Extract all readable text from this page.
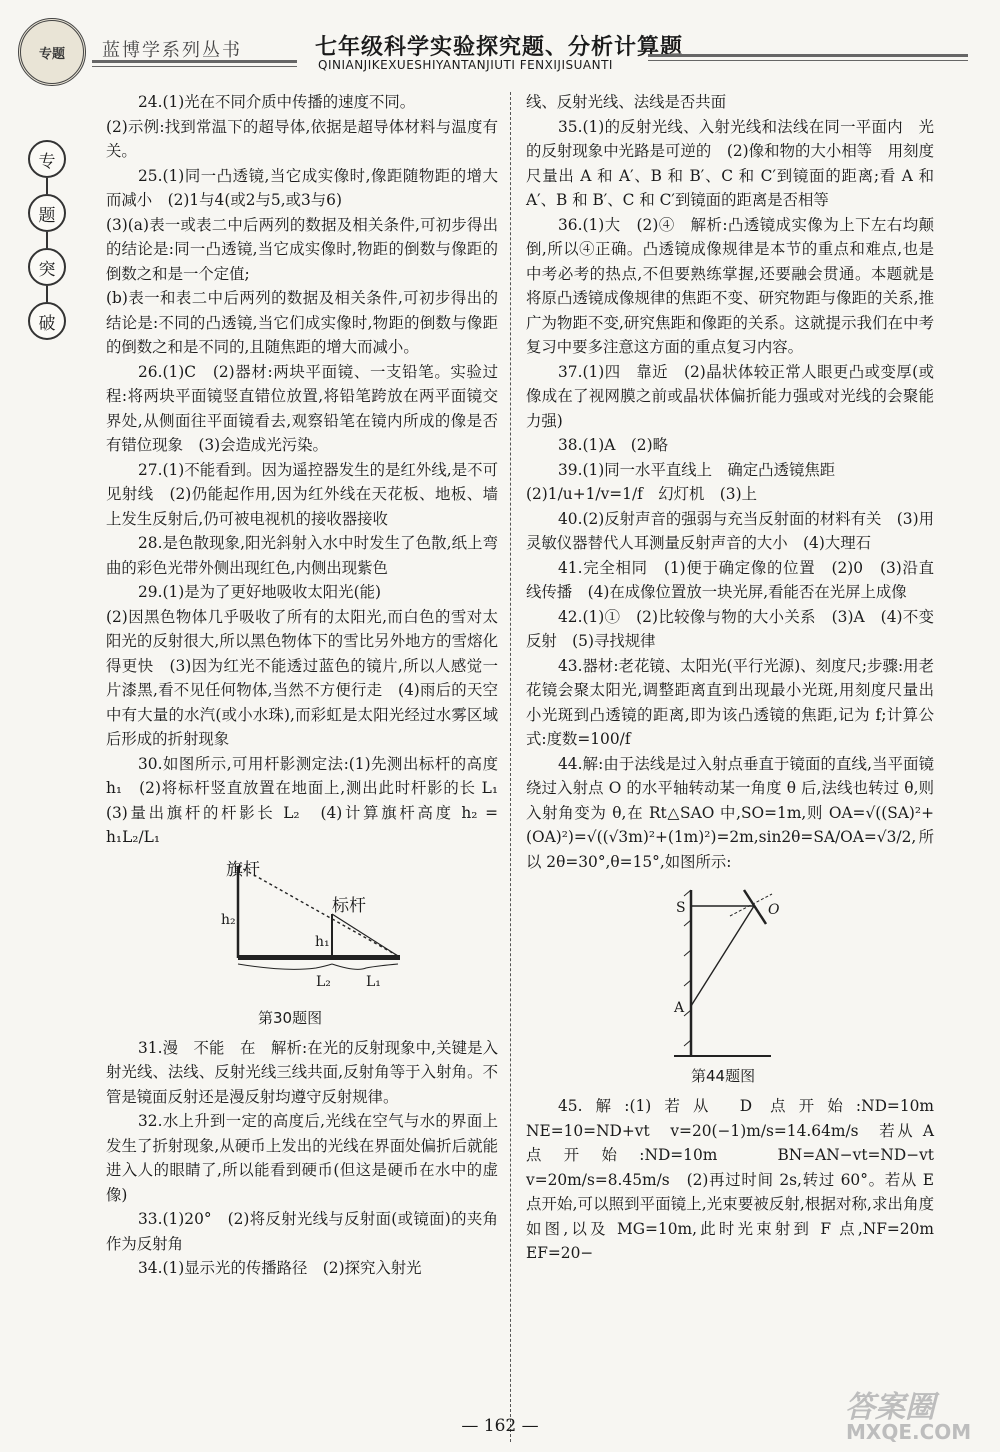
专题 蓝博学系列丛书	七年级科学实验探究题、分析计算题
QINIANJIKEXUESHIYANTANJIUTI FENXIJISUANTI
专
题
突
破

24.(1)光在不同介质中传播的速度不同。

(2)示例:找到常温下的超导体,依据是超导体材料与温度有关。

25.(1)同一凸透镜,当它成实像时,像距随物距的增大而减小　(2)1与4(或2与5,或3与6)

(3)(a)表一或表二中后两列的数据及相关条件,可初步得出的结论是:同一凸透镜,当它成实像时,物距的倒数与像距的倒数之和是一个定值;

(b)表一和表二中后两列的数据及相关条件,可初步得出的结论是:不同的凸透镜,当它们成实像时,物距的倒数与像距的倒数之和是不同的,且随焦距的增大而减小。

26.(1)C　(2)器材:两块平面镜、一支铅笔。实验过程:将两块平面镜竖直错位放置,将铅笔跨放在两平面镜交界处,从侧面往平面镜看去,观察铅笔在镜内所成的像是否有错位现象　(3)会造成光污染。

27.(1)不能看到。因为遥控器发生的是红外线,是不可见射线　(2)仍能起作用,因为红外线在天花板、地板、墙上发生反射后,仍可被电视机的接收器接收

28.是色散现象,阳光斜射入水中时发生了色散,纸上弯曲的彩色光带外侧出现红色,内侧出现紫色

29.(1)是为了更好地吸收太阳光(能)

(2)因黑色物体几乎吸收了所有的太阳光,而白色的雪对太阳光的反射很大,所以黑色物体下的雪比另外地方的雪熔化得更快　(3)因为红光不能透过蓝色的镜片,所以人感觉一片漆黑,看不见任何物体,当然不方便行走　(4)雨后的天空中有大量的水汽(或小水珠),而彩虹是太阳光经过水雾区域后形成的折射现象

30.如图所示,可用杆影测定法:(1)先测出标杆的高度 h₁　(2)将标杆竖直放置在地面上,测出此时杆影的长 L₁　(3)量出旗杆的杆影长 L₂　(4)计算旗杆高度 h₂ = h₁L₂/L₁

旗杆
标杆
h₂
h₁
L₂	L₁
第30题图

31.漫　不能　在　解析:在光的反射现象中,关键是入射光线、法线、反射光线三线共面,反射角等于入射角。不管是镜面反射还是漫反射均遵守反射规律。

32.水上升到一定的高度后,光线在空气与水的界面上发生了折射现象,从硬币上发出的光线在界面处偏折后就能进入人的眼睛了,所以能看到硬币(但这是硬币在水中的虚像)

33.(1)20°　(2)将反射光线与反射面(或镜面)的夹角作为反射角

34.(1)显示光的传播路径　(2)探究入射光

线、反射光线、法线是否共面

35.(1)的反射光线、入射光线和法线在同一平面内　光的反射现象中光路是可逆的　(2)像和物的大小相等　用刻度尺量出 A 和 A′、B 和 B′、C 和 C′到镜面的距离;看 A 和 A′、B 和 B′、C 和 C′到镜面的距离是否相等

36.(1)大　(2)④　解析:凸透镜成实像为上下左右均颠倒,所以④正确。凸透镜成像规律是本节的重点和难点,也是中考必考的热点,不但要熟练掌握,还要融会贯通。本题就是将原凸透镜成像规律的焦距不变、研究物距与像距的关系,推广为物距不变,研究焦距和像距的关系。这就提示我们在中考复习中要多注意这方面的重点复习内容。

37.(1)四　靠近　(2)晶状体较正常人眼更凸或变厚(或像成在了视网膜之前或晶状体偏折能力强或对光线的会聚能力强)

38.(1)A　(2)略

39.(1)同一水平直线上　确定凸透镜焦距

(2)1/u+1/v=1/f　幻灯机　(3)上

40.(2)反射声音的强弱与充当反射面的材料有关　(3)用灵敏仪器替代人耳测量反射声音的大小　(4)大理石

41.完全相同　(1)便于确定像的位置　(2)0　(3)沿直线传播　(4)在成像位置放一块光屏,看能否在光屏上成像

42.(1)①　(2)比较像与物的大小关系　(3)A　(4)不变　反射　(5)寻找规律

43.器材:老花镜、太阳光(平行光源)、刻度尺;步骤:用老花镜会聚太阳光,调整距离直到出现最小光斑,用刻度尺量出小光斑到凸透镜的距离,即为该凸透镜的焦距,记为 f;计算公式:度数=100/f

44.解:由于法线是过入射点垂直于镜面的直线,当平面镜绕过入射点 O 的水平轴转动某一角度 θ 后,法线也转过 θ,则入射角变为 θ,在 Rt△SAO 中,SO=1m,则 OA=√((SA)²+(OA)²)=√((√3m)²+(1m)²)=2m,sin2θ=SA/OA=√3/2,所以 2θ=30°,θ=15°,如图所示:

S	O
A
第44题图

45.解:(1)若从 D 点开始:ND=10m　NE=10=ND+vt　v=20(−1)m/s=14.64m/s　若从 A 点开始:ND=10m　BN=AN−vt=ND−vt　v=20m/s=8.45m/s　(2)再过时间 2s,转过 60°。若从 E 点开始,可以照到平面镜上,光束要被反射,根据对称,求出角度如图,以及 MG=10m,此时光束射到 F 点,NF=20m　EF=20−

— 162 —
答案圈
MXQE.COM
